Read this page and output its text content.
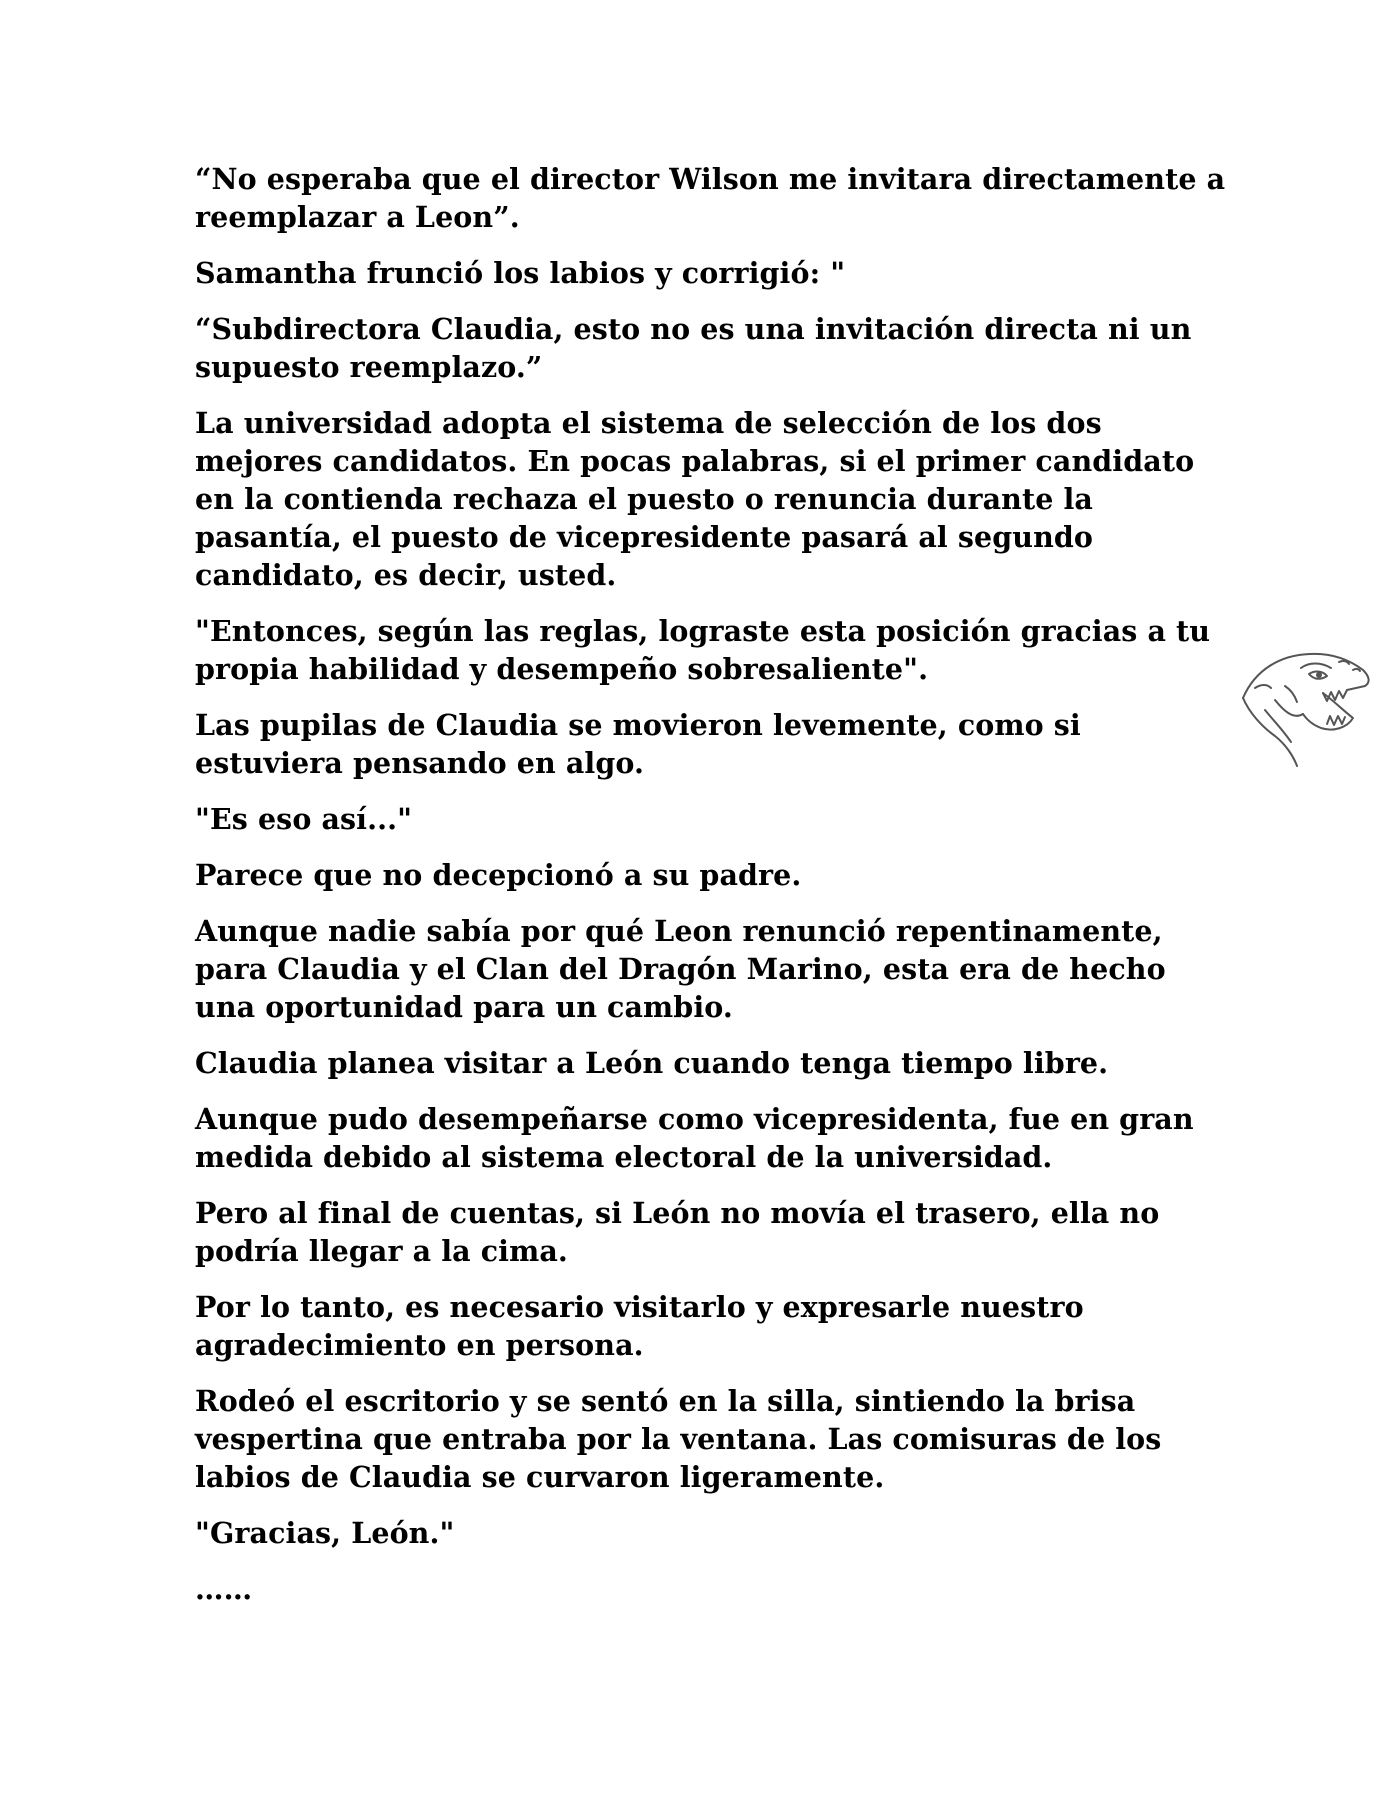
“No esperaba que el director Wilson me invitara directamente a reemplazar a Leon”.

Samantha frunció los labios y corrigió: "

“Subdirectora Claudia, esto no es una invitación directa ni un supuesto reemplazo.”

La universidad adopta el sistema de selección de los dos mejores candidatos. En pocas palabras, si el primer candidato en la contienda rechaza el puesto o renuncia durante la pasantía, el puesto de vicepresidente pasará al segundo candidato, es decir, usted.

"Entonces, según las reglas, lograste esta posición gracias a tu propia habilidad y desempeño sobresaliente".

Las pupilas de Claudia se movieron levemente, como si estuviera pensando en algo.

"Es eso así..."

Parece que no decepcionó a su padre.

Aunque nadie sabía por qué Leon renunció repentinamente, para Claudia y el Clan del Dragón Marino, esta era de hecho una oportunidad para un cambio.

Claudia planea visitar a León cuando tenga tiempo libre.

Aunque pudo desempeñarse como vicepresidenta, fue en gran medida debido al sistema electoral de la universidad.

Pero al final de cuentas, si León no movía el trasero, ella no podría llegar a la cima.

Por lo tanto, es necesario visitarlo y expresarle nuestro agradecimiento en persona.

Rodeó el escritorio y se sentó en la silla, sintiendo la brisa vespertina que entraba por la ventana. Las comisuras de los labios de Claudia se curvaron ligeramente.

"Gracias, León."

……
